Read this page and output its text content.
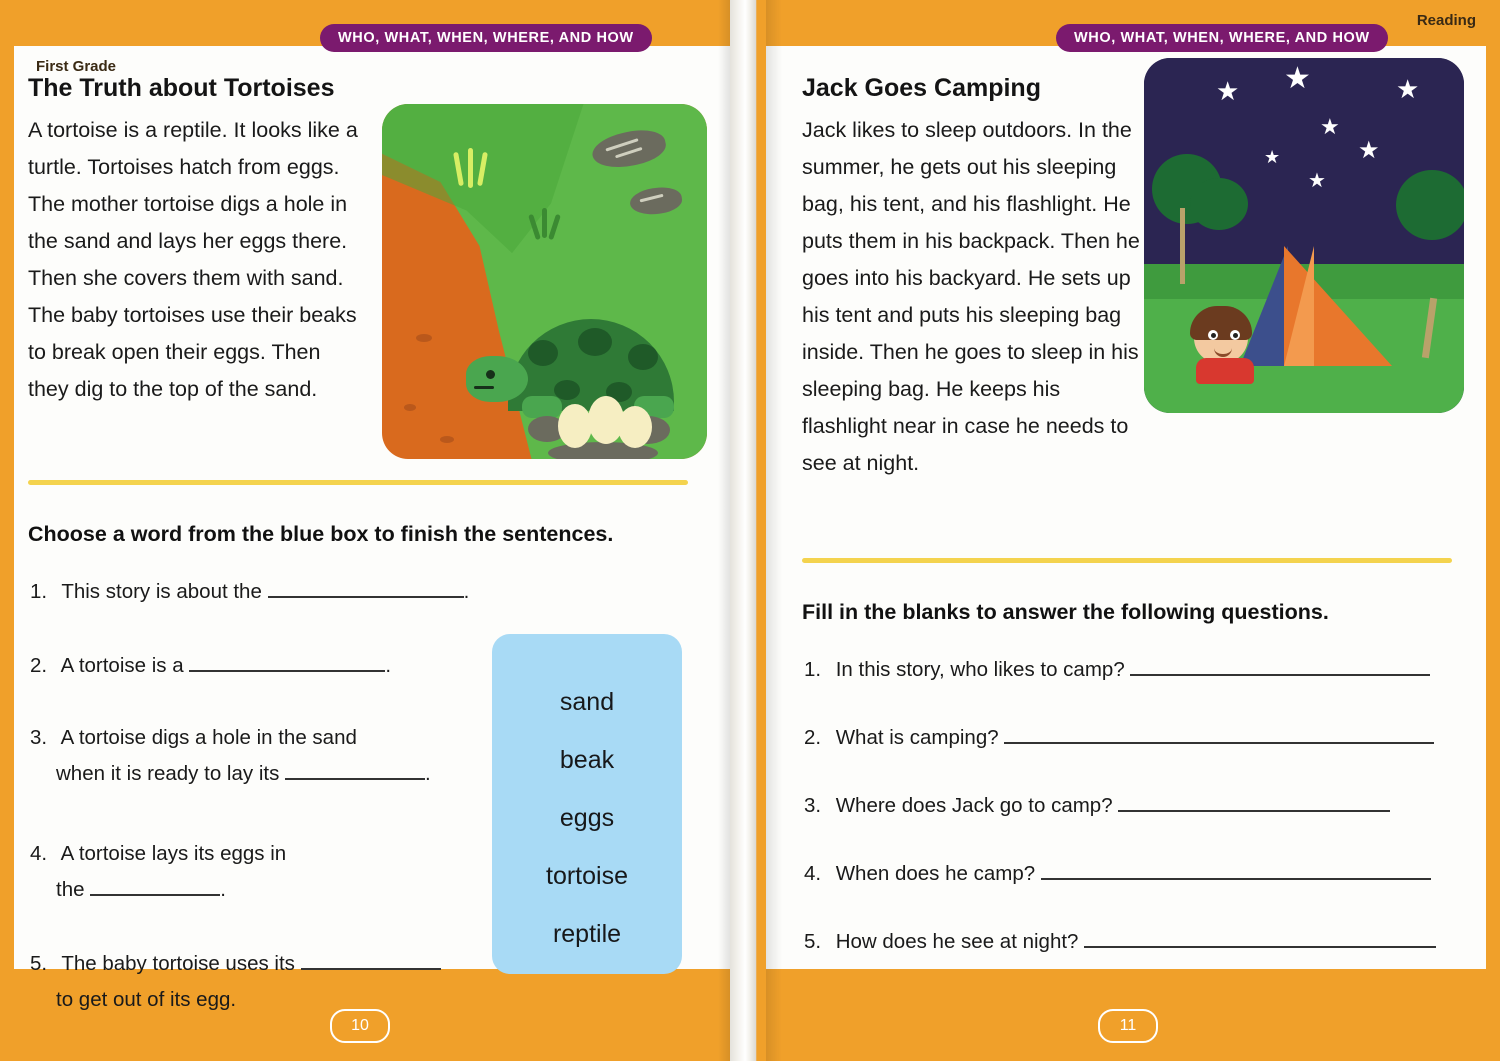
First Grade
The Truth about Tortoises
A tortoise is a reptile. It looks like a turtle. Tortoises hatch from eggs. The mother tortoise digs a hole in the sand and lays her eggs there. Then she covers them with sand. The baby tortoises use their beaks to break open their eggs. Then they dig to the top of the sand.
Choose a word from the blue box to finish the sentences.
1. This story is about the	.
2. A tortoise is a	.
3. A tortoise digs a hole in the sand
when it is ready to lay its	.
4. A tortoise lays its eggs in
the	.
5. The baby tortoise uses its
to get out of its egg.
sand
beak
eggs
tortoise
reptile
Jack Goes Camping
Jack likes to sleep outdoors. In the summer, he gets out his sleeping bag, his tent, and his flashlight. He puts them in his backpack. Then he goes into his backyard. He sets up his tent and puts his sleeping bag inside. Then he goes to sleep in his sleeping bag. He keeps his flashlight near in case he needs to see at night.
★ ★	★
★
★
★
★
Fill in the blanks to answer the following questions.
1. In this story, who likes to camp?
2. What is camping?
3. Where does Jack go to camp?
4. When does he camp?
5. How does he see at night?
WHO, WHAT, WHEN, WHERE, AND HOW	WHO, WHAT, WHEN, WHERE, AND HOW
Reading
10	11
